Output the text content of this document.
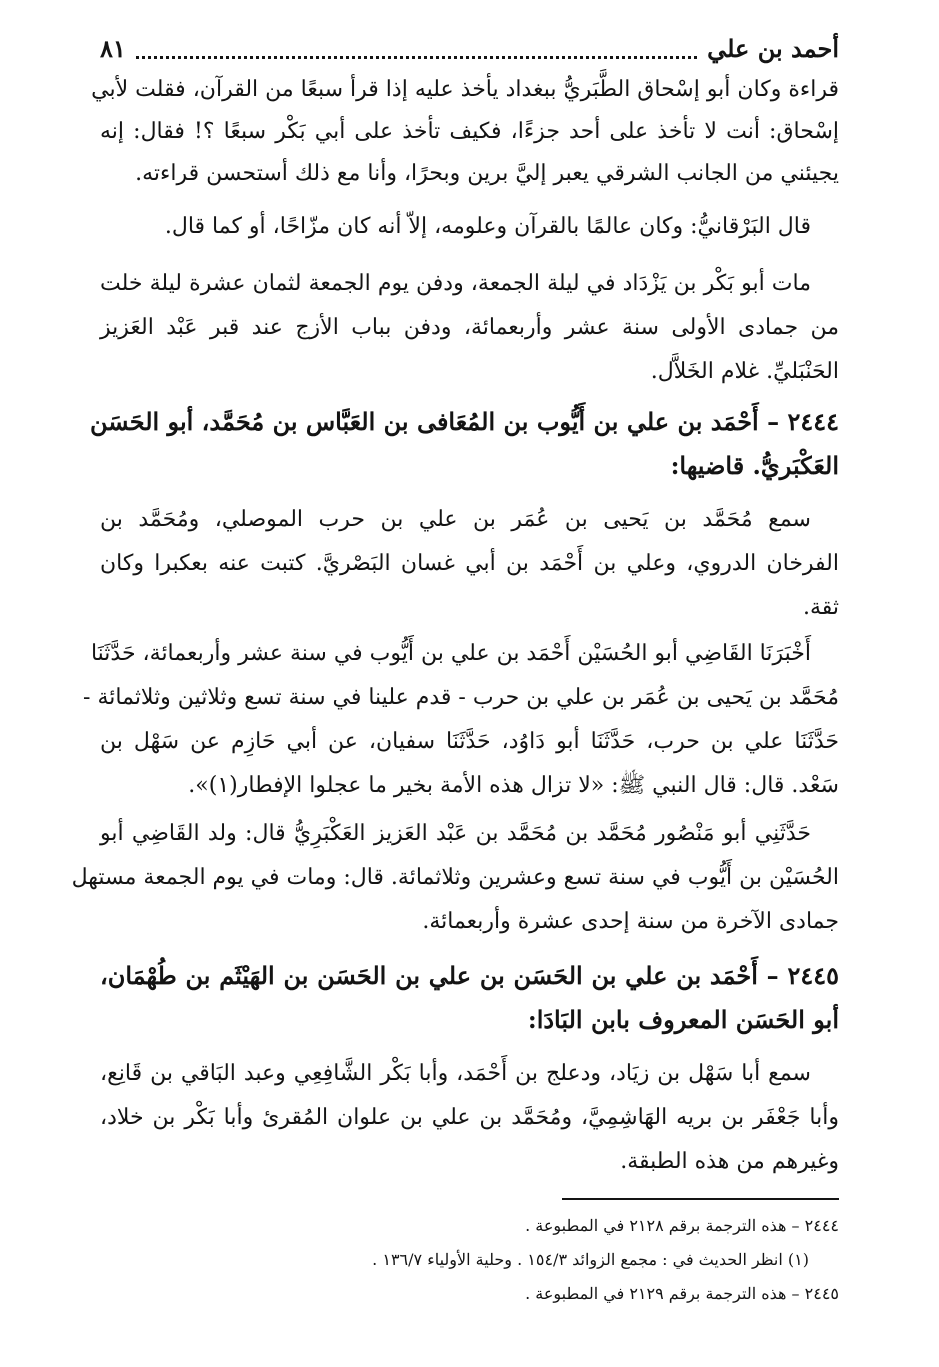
أحمد بن علي
٨١
قراءة وكان أبو إسْحاق الطَّبَريُّ ببغداد يأخذ عليه إذا قرأ سبعًا من القرآن، فقلت لأبي
إسْحاق: أنت لا تأخذ على أحد جزءًا، فكيف تأخذ على أبي بَكْر سبعًا ؟! فقال: إنه
يجيئني من الجانب الشرقي يعبر إليَّ برين وبحرًا، وأنا مع ذلك أستحسن قراءته.
قال البَرْقانيُّ: وكان عالمًا بالقرآن وعلومه، إلاّ أنه كان مزّاحًا، أو كما قال.
مات أبو بَكْر بن يَزْدَاد في ليلة الجمعة، ودفن يوم الجمعة لثمان عشرة ليلة خلت
من جمادى الأولى سنة عشر وأربعمائة، ودفن بباب الأزج عند قبر عَبْد العَزيز
الحَنْبَليِّ. غلام الخَلاَّل.
٢٤٤٤ – أَحْمَد بن علي بن أَيُّوب بن المُعَافى بن العَبَّاس بن مُحَمَّد، أبو الحَسَن
العَكْبَريُّ. قاضيها:
سمع مُحَمَّد بن يَحيى بن عُمَر بن علي بن حرب الموصلي، ومُحَمَّد بن
الفرخان الدروي، وعلي بن أَحْمَد بن أبي غسان البَصْريَّ. كتبت عنه بعكبرا وكان
ثقة.
أَخْبَرَنَا القَاضِي أبو الحُسَيْن أَحْمَد بن علي بن أَيُّوب في سنة عشر وأربعمائة، حَدَّثَنَا
مُحَمَّد بن يَحيى بن عُمَر بن علي بن حرب - قدم علينا في سنة تسع وثلاثين وثلاثمائة -
حَدَّثَنَا علي بن حرب، حَدَّثَنَا أبو دَاوُد، حَدَّثَنَا سفيان، عن أبي حَازِم عن سَهْل بن
سَعْد. قال: قال النبي ﷺ: «لا تزال هذه الأمة بخير ما عجلوا الإفطار(١)».
حَدَّثَنِي أبو مَنْصُور مُحَمَّد بن مُحَمَّد بن عَبْد العَزيز العَكْبَرِيُّ قال: ولد القَاضِي أبو
الحُسَيْن بن أَيُّوب في سنة تسع وعشرين وثلاثمائة. قال: ومات في يوم الجمعة مستهل
جمادى الآخرة من سنة إحدى عشرة وأربعمائة.
٢٤٤٥ – أَحْمَد بن علي بن الحَسَن بن علي بن الحَسَن بن الهَيْثَم بن طُهْمَان،
أبو الحَسَن المعروف بابن البَادَا:
سمع أبا سَهْل بن زيَاد، ودعلج بن أَحْمَد، وأبا بَكْر الشَّافِعِي وعبد البَاقي بن قَانِع،
وأبا جَعْفَر بن بريه الهَاشِمِيَّ، ومُحَمَّد بن علي بن علوان المُقرئ وأبا بَكْر بن خلاد،
وغيرهم من هذه الطبقة.
٢٤٤٤ – هذه الترجمة برقم ٢١٢٨ في المطبوعة .
(١) انظر الحديث في : مجمع الزوائد ١٥٤/٣ . وحلية الأولياء ١٣٦/٧ .
٢٤٤٥ – هذه الترجمة برقم ٢١٢٩ في المطبوعة .
